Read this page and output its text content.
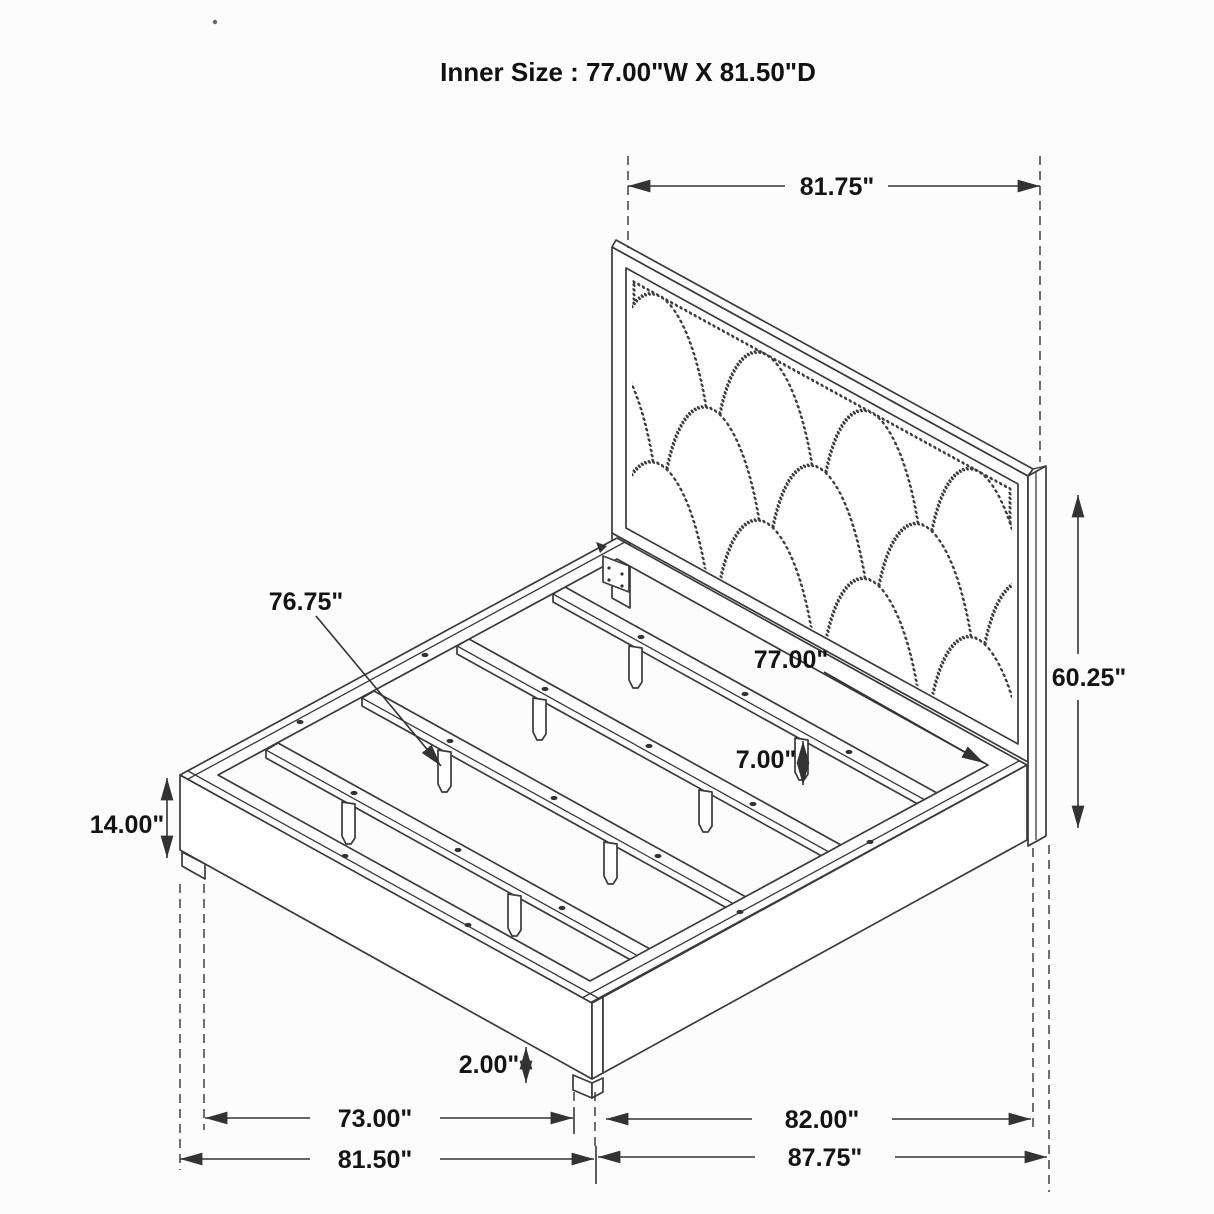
Inner Size : 77.00"W X 81.50"D
81.75"
60.25"
77.00"
76.75"
7.00"
14.00"
2.00"
73.00"
81.50"
82.00"
87.75"
